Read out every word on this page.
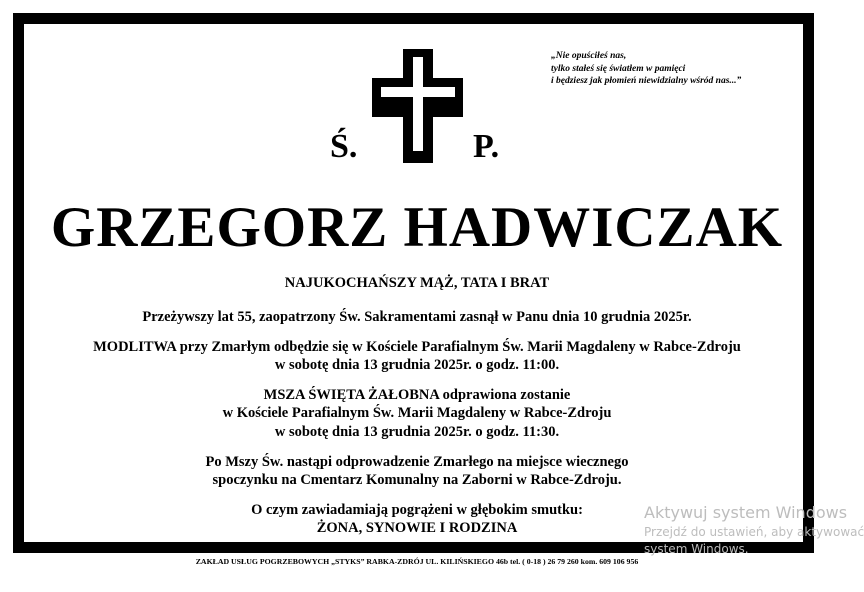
„Nie opuściłeś nas,
tylko stałeś się światłem w pamięci
i będziesz jak płomień niewidzialny wśród nas...”
Ś.	P.
GRZEGORZ HADWICZAK
NAJUKOCHAŃSZY MĄŻ, TATA I BRAT
Przeżywszy lat 55, zaopatrzony Św. Sakramentami zasnął w Panu dnia 10 grudnia 2025r.
MODLITWA przy Zmarłym odbędzie się w Kościele Parafialnym Św. Marii Magdaleny w Rabce-Zdroju
w sobotę dnia 13 grudnia 2025r. o godz. 11:00.
MSZA ŚWIĘTA ŻAŁOBNA odprawiona zostanie
w Kościele Parafialnym Św. Marii Magdaleny w Rabce-Zdroju
w sobotę dnia 13 grudnia 2025r. o godz. 11:30.
Po Mszy Św. nastąpi odprowadzenie Zmarłego na miejsce wiecznego
spoczynku na Cmentarz Komunalny na Zaborni w Rabce-Zdroju.
O czym zawiadamiają pogrążeni w głębokim smutku:
ŻONA, SYNOWIE I RODZINA
ZAKŁAD USŁUG POGRZEBOWYCH „STYKS” RABKA-ZDRÓJ UL. KILIŃSKIEGO 46b tel. ( 0-18 ) 26 79 260 kom. 609 106 956
Aktywuj system Windows
Przejdź do ustawień, aby aktywować
system Windows.
